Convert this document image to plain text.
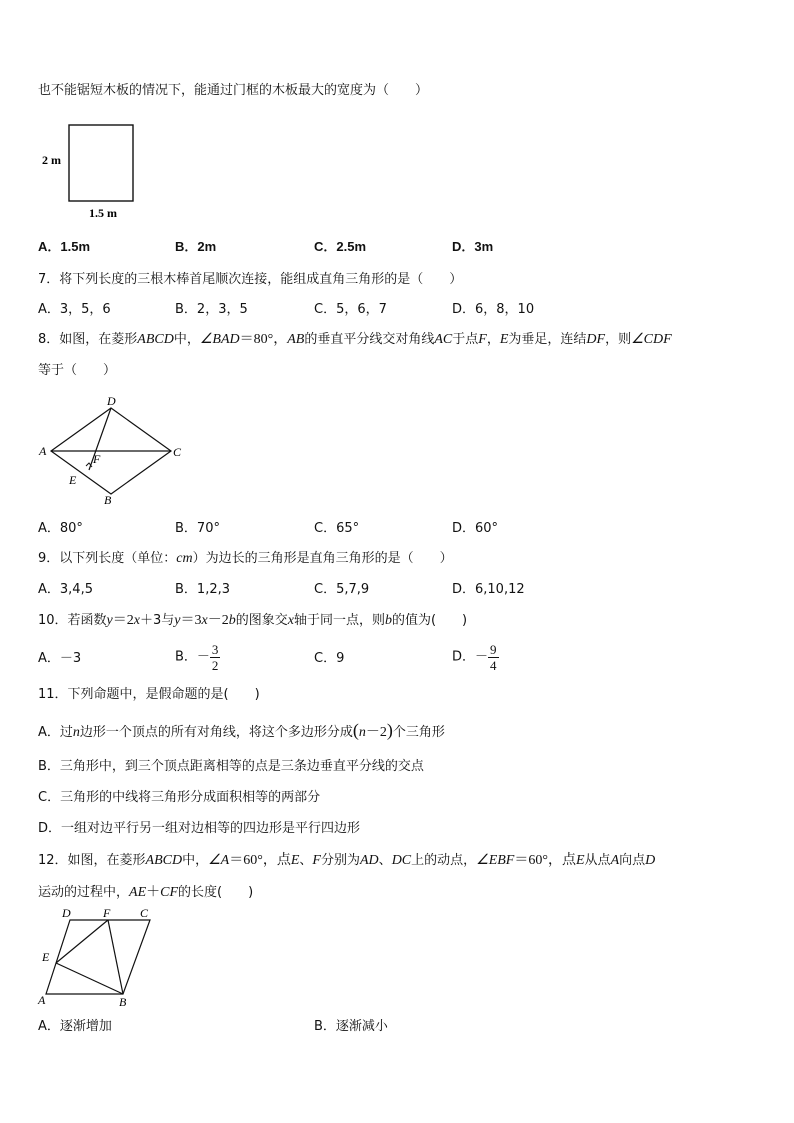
也不能锯短木板的情况下，能通过门框的木板最大的宽度为（　　）
2 m
1.5 m
A．1.5m	B．2m	C．2.5m	D．3m
7．将下列长度的三根木棒首尾顺次连接，能组成直角三角形的是（　　）
A．3，5，6	B．2，3，5	C．5，6，7	D．6，8，10
8．如图，在菱形ABCD中，∠BAD＝80°，AB的垂直平分线交对角线AC于点F，E为垂足，连结DF，则∠CDF
等于（　　）
A
B
C
D
E
F
A．80°	B．70°	C．65°	D．60°
9．以下列长度（单位：cm）为边长的三角形是直角三角形的是（　　）
A．3,4,5	B．1,2,3	C．5,7,9	D．6,10,12
10．若函数y＝2x＋3与y＝3x－2b的图象交x轴于同一点，则b的值为(　　)
A．－3	B．－ $\frac{3}{2}$	C．9	D．－ $\frac{9}{4}$
11．下列命题中，是假命题的是(　　)
A．过n边形一个顶点的所有对角线，将这个多边形分成(n－2)个三角形
B．三角形中，到三个顶点距离相等的点是三条边垂直平分线的交点
C．三角形的中线将三角形分成面积相等的两部分
D．一组对边平行另一组对边相等的四边形是平行四边形
12．如图，在菱形ABCD中，∠A＝60°，点E、F分别为AD、DC上的动点，∠EBF＝60°，点E从点A向点D
运动的过程中，AE＋CF的长度(　　)
D	F C
E
A	B
A．逐渐增加	B．逐渐减小
